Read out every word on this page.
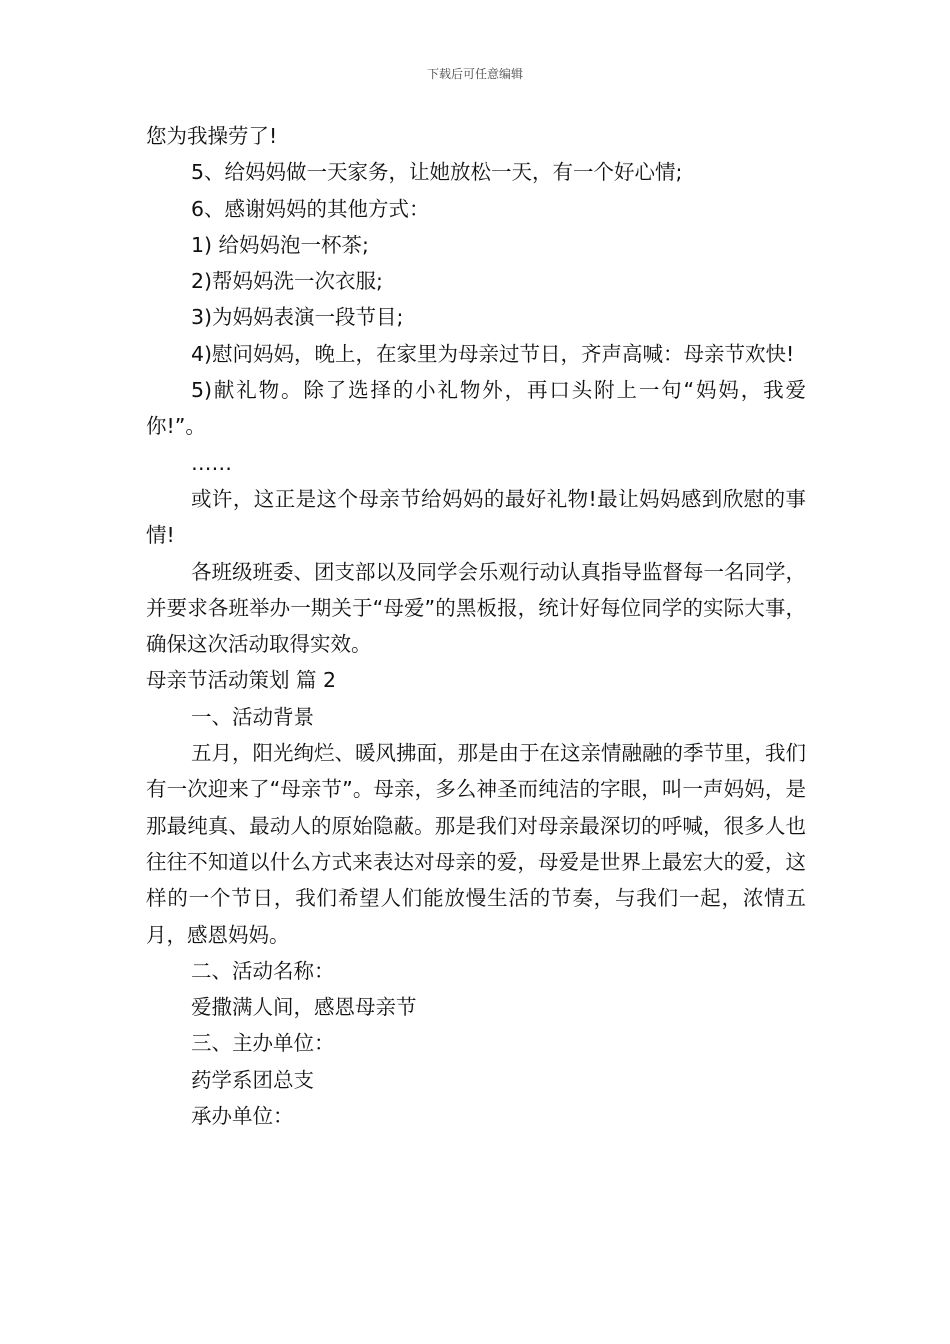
下载后可任意编辑

您为我操劳了!

5、给妈妈做一天家务，让她放松一天，有一个好心情;

6、感谢妈妈的其他方式：

1) 给妈妈泡一杯茶;

2)帮妈妈洗一次衣服;

3)为妈妈表演一段节目;

4)慰问妈妈，晚上，在家里为母亲过节日，齐声高喊：母亲节欢快!

5)献礼物。除了选择的小礼物外，再口头附上一句“妈妈，我爱你!”。

……

或许，这正是这个母亲节给妈妈的最好礼物!最让妈妈感到欣慰的事情!

各班级班委、团支部以及同学会乐观行动认真指导监督每一名同学，并要求各班举办一期关于“母爱”的黑板报，统计好每位同学的实际大事，确保这次活动取得实效。

母亲节活动策划 篇 2

一、活动背景

五月，阳光绚烂、暖风拂面，那是由于在这亲情融融的季节里，我们有一次迎来了“母亲节”。母亲，多么神圣而纯洁的字眼，叫一声妈妈，是那最纯真、最动人的原始隐蔽。那是我们对母亲最深切的呼喊，很多人也往往不知道以什么方式来表达对母亲的爱，母爱是世界上最宏大的爱，这样的一个节日，我们希望人们能放慢生活的节奏，与我们一起，浓情五月，感恩妈妈。

二、活动名称：

爱撒满人间，感恩母亲节

三、主办单位：

药学系团总支

承办单位：
